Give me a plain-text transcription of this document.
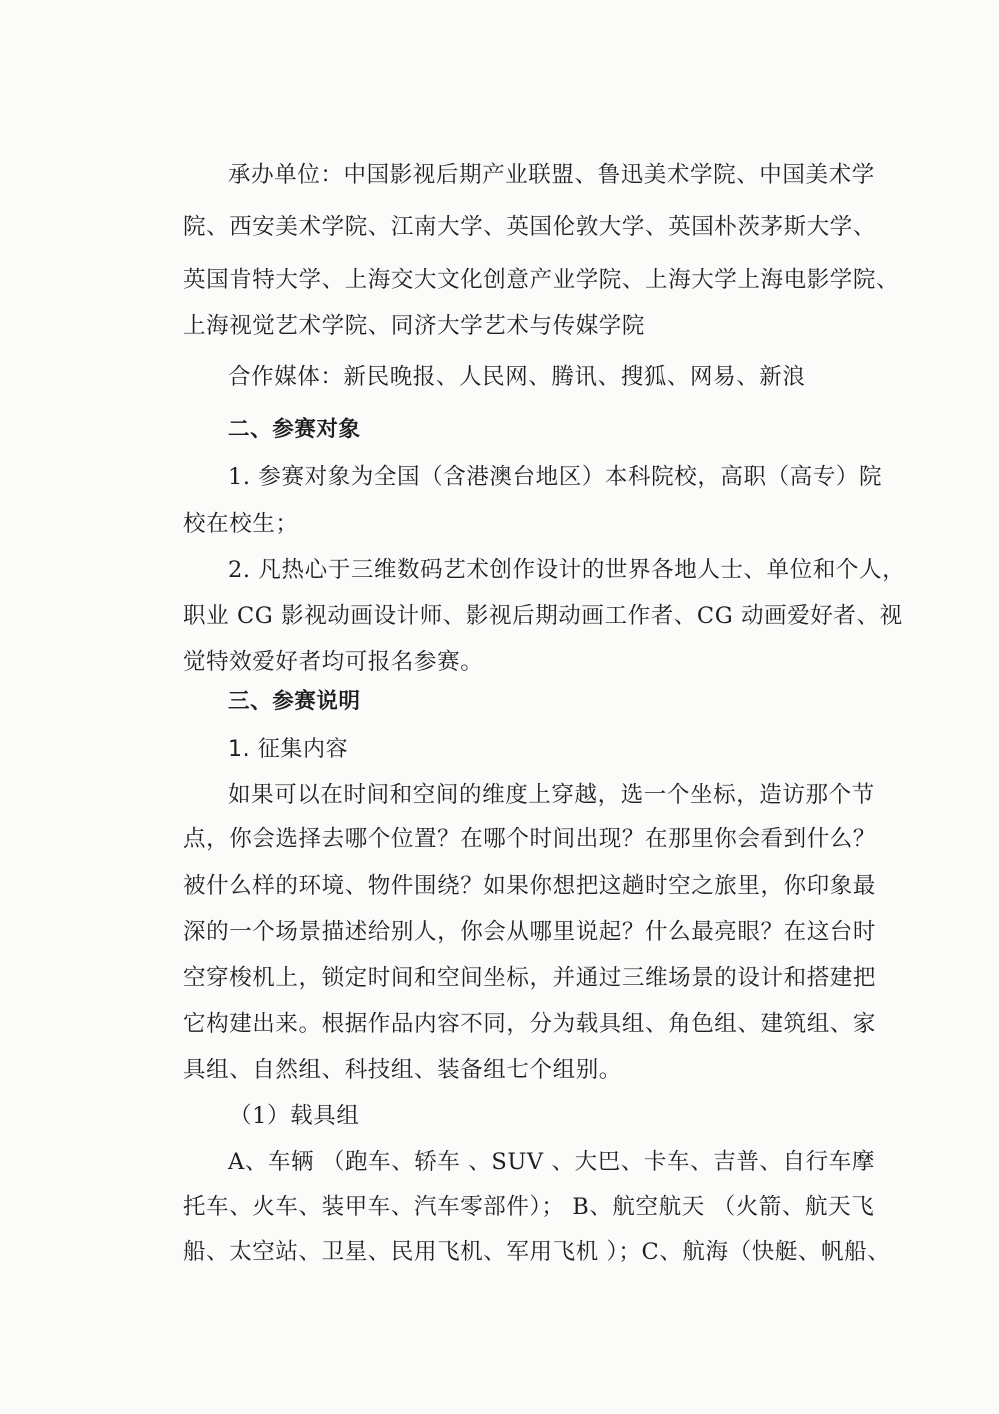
承办单位：中国影视后期产业联盟、鲁迅美术学院、中国美术学
院、西安美术学院、江南大学、英国伦敦大学、英国朴茨茅斯大学、
英国肯特大学、上海交大文化创意产业学院、上海大学上海电影学院、
上海视觉艺术学院、同济大学艺术与传媒学院
合作媒体：新民晚报、人民网、腾讯、搜狐、网易、新浪
二、参赛对象
1. 参赛对象为全国（含港澳台地区）本科院校，高职（高专）院
校在校生；
2. 凡热心于三维数码艺术创作设计的世界各地人士、单位和个人，
职业 CG 影视动画设计师、影视后期动画工作者、CG 动画爱好者、视
觉特效爱好者均可报名参赛。
三、参赛说明
1. 征集内容
如果可以在时间和空间的维度上穿越，选一个坐标，造访那个节
点，你会选择去哪个位置？在哪个时间出现？在那里你会看到什么？
被什么样的环境、物件围绕？如果你想把这趟时空之旅里，你印象最
深的一个场景描述给别人，你会从哪里说起？什么最亮眼？在这台时
空穿梭机上，锁定时间和空间坐标，并通过三维场景的设计和搭建把
它构建出来。根据作品内容不同，分为载具组、角色组、建筑组、家
具组、自然组、科技组、装备组七个组别。
（1）载具组
A、车辆 （跑车、轿车 、SUV 、大巴、卡车、吉普、自行车摩
托车、火车、装甲车、汽车零部件）； B、航空航天 （火箭、航天飞
船、太空站、卫星、民用飞机、军用飞机 ）；C、航海（快艇、帆船、
